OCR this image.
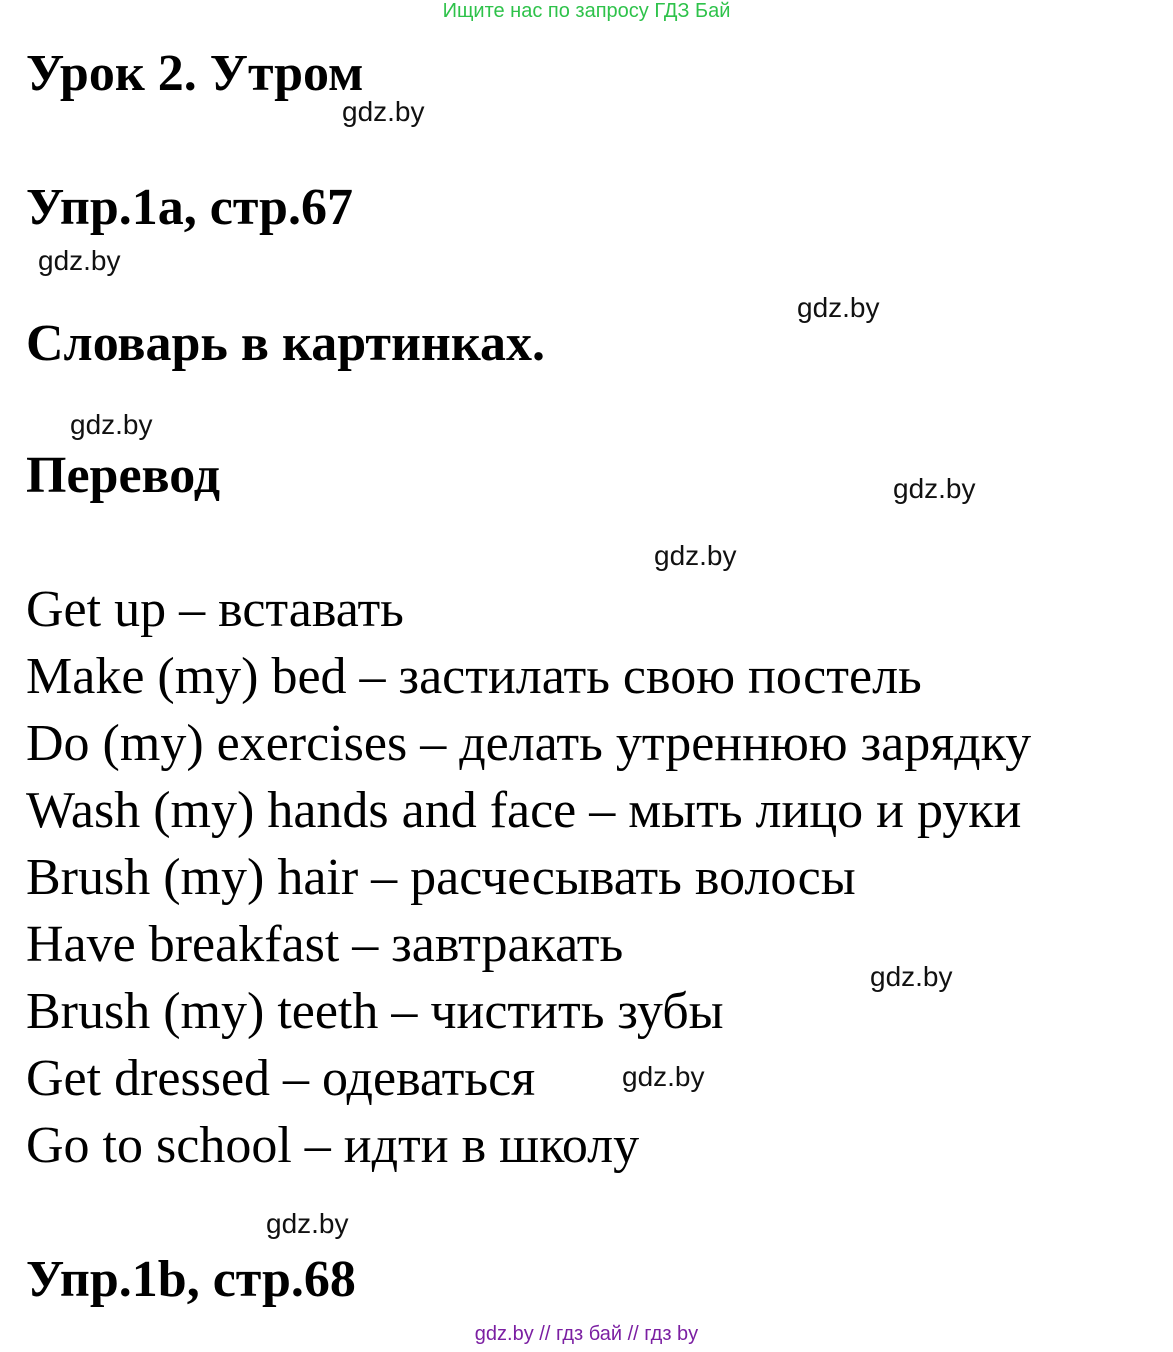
Ищите нас по запросу ГДЗ Бай
Урок 2. Утром
gdz.by
Упр.1а, стр.67
gdz.by
gdz.by
Словарь в картинках.
gdz.by
Перевод	gdz.by
gdz.by
Get up – вставать
Make (my) bed – застилать свою постель
Do (my) exercises – делать утреннюю зарядку
Wash (my) hands and face – мыть лицо и руки
Brush (my) hair – расчесывать волосы
Have breakfast – завтракать
gdz.by
Brush (my) teeth – чистить зубы
Get dressed – одеваться	gdz.by
Go to school – идти в школу
gdz.by
Упр.1b, стр.68
gdz.by // гдз бай // гдз by
